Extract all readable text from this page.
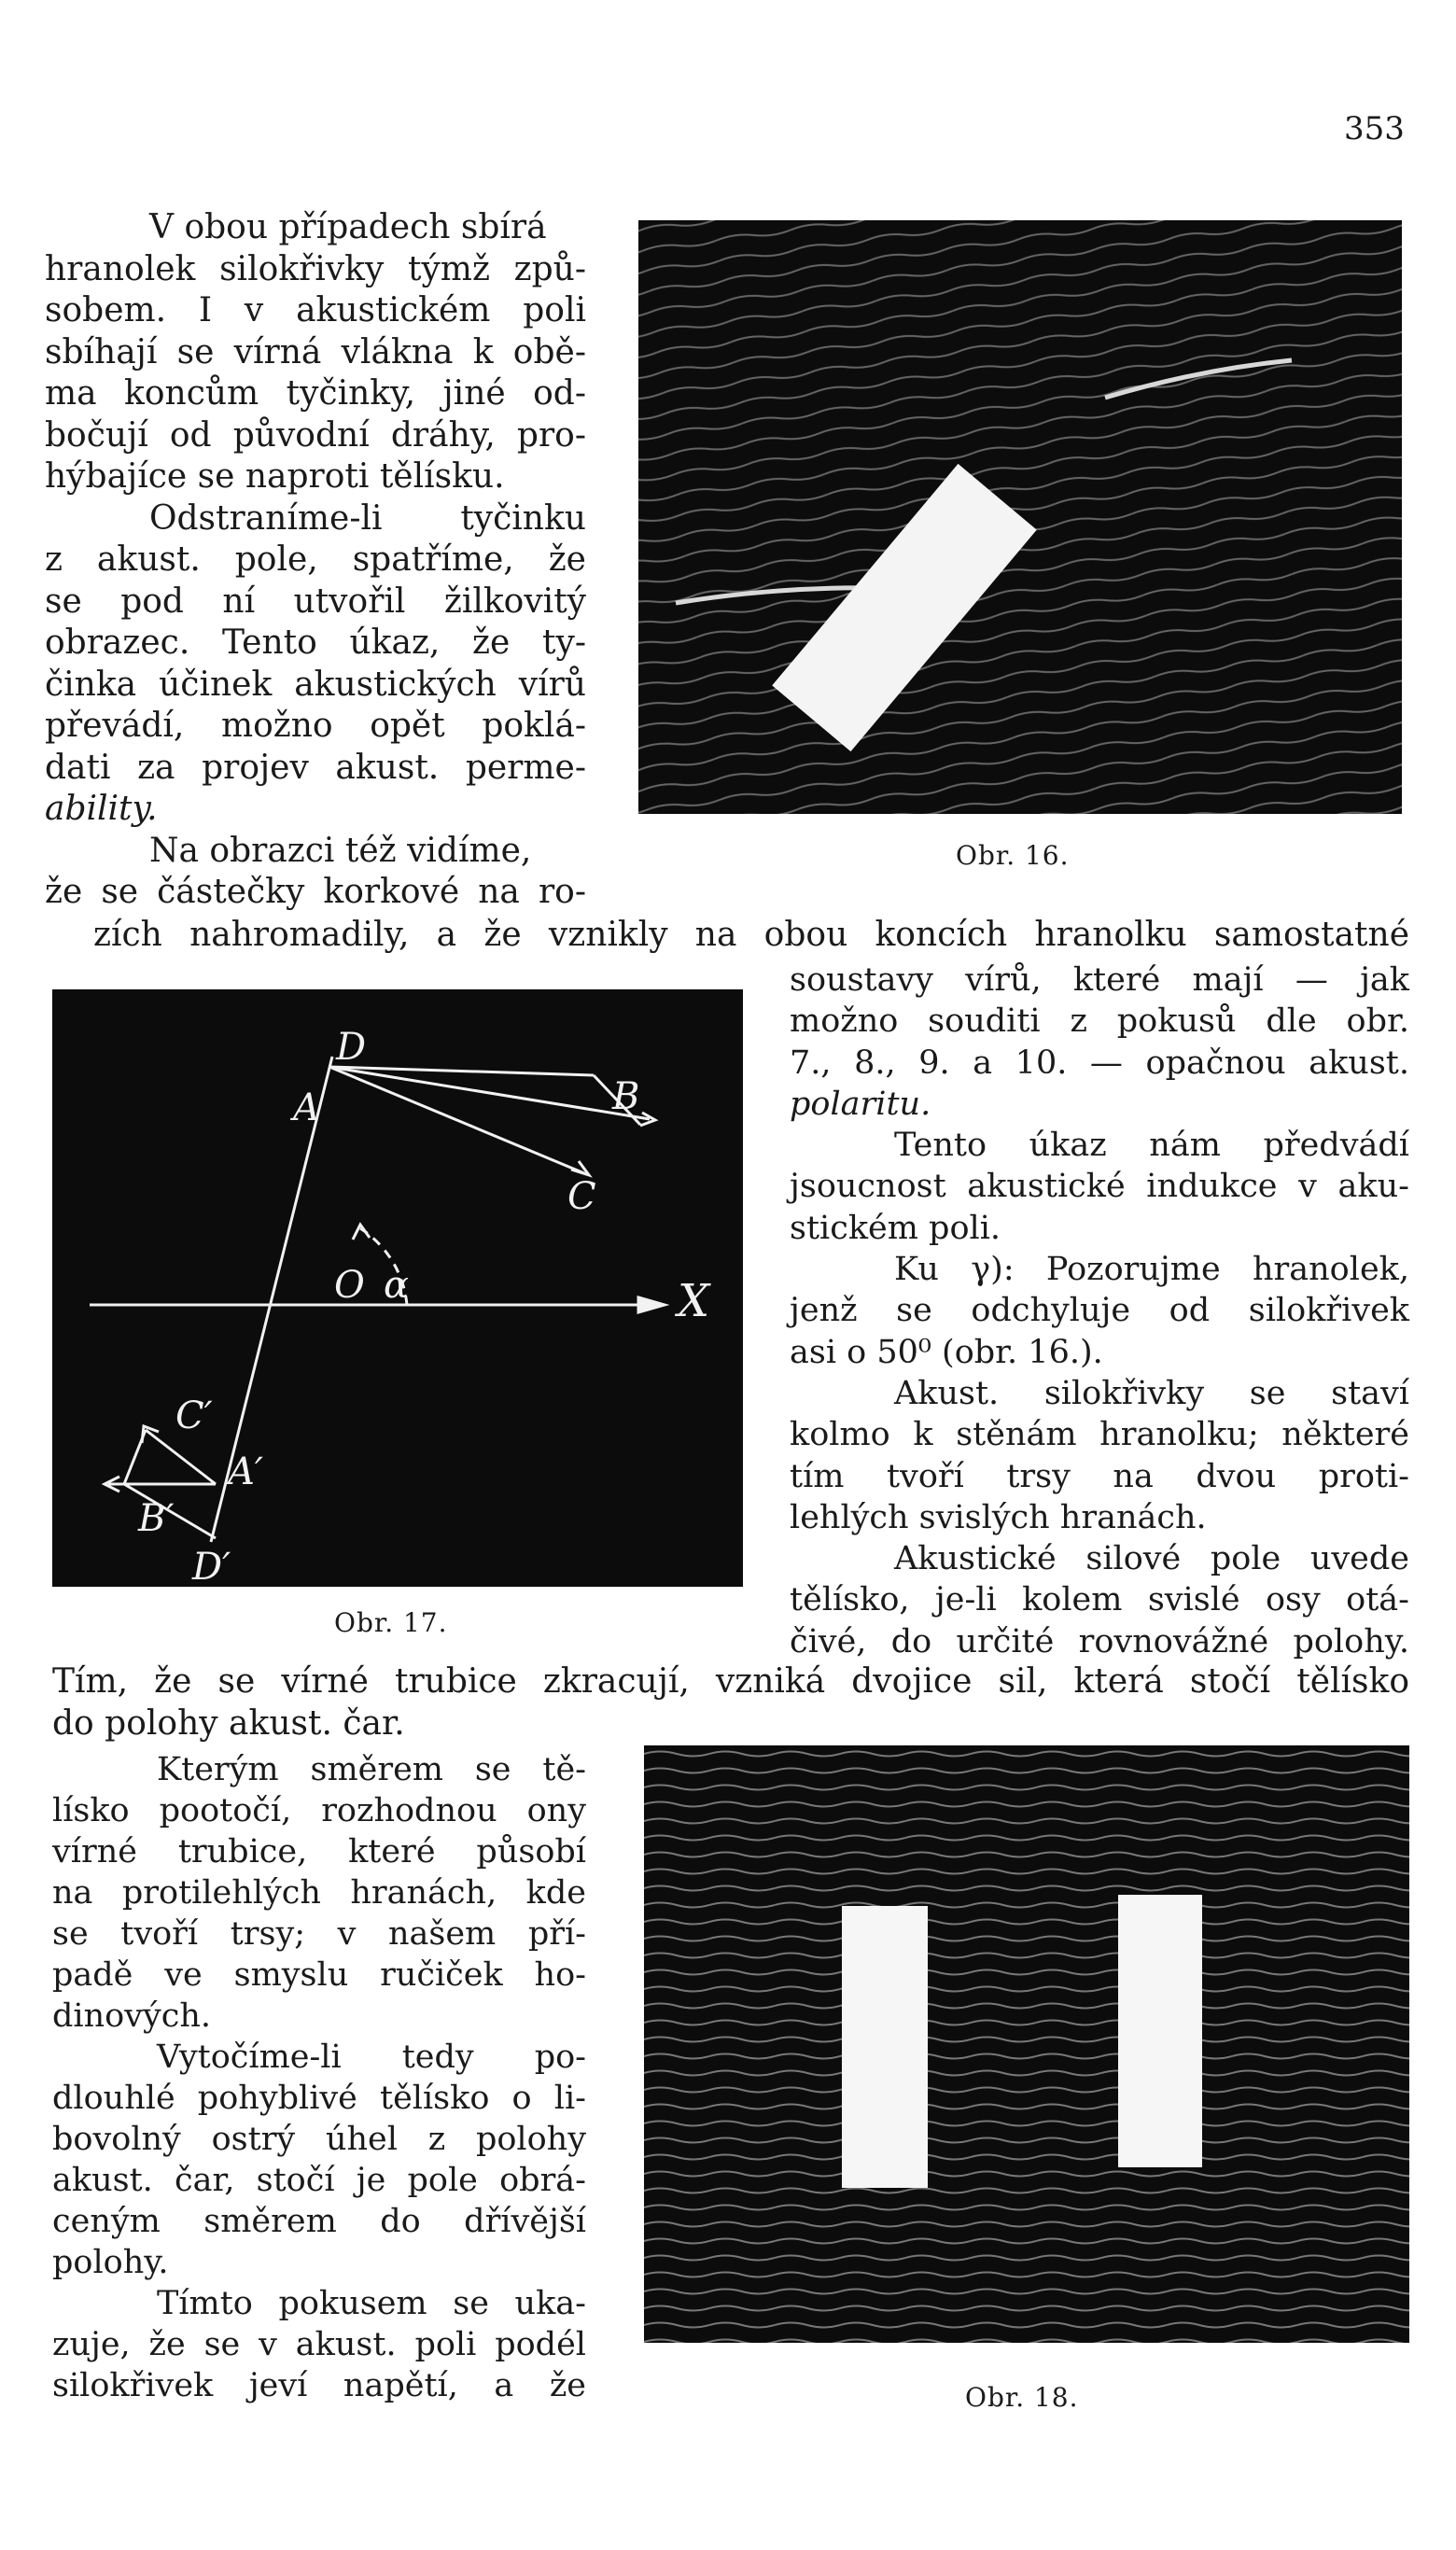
353
V obou případech sbírá
hranolek silokřivky týmž způ-
sobem. I v akustickém poli
sbíhají se vírná vlákna k obě-
ma koncům tyčinky, jiné od-
bočují od původní dráhy, pro-
hýbajíce se naproti tělísku.
Odstraníme-li tyčinku
z akust. pole, spatříme, že
se pod ní utvořil žilkovitý
obrazec. Tento úkaz, že ty-
činka účinek akustických vírů
převádí, možno opět poklá-
dati za projev akust. perme-
ability.
Na obrazci též vidíme,
že se částečky korkové na ro-
Obr. 16.
zích nahromadily, a že vznikly na obou koncích hranolku samostatné
D
A	B
C
O α	X
C′
A′
B′
D′
Obr. 17.
soustavy vírů, které mají — jak
možno souditi z pokusů dle obr.
7., 8., 9. a 10. — opačnou akust.
polaritu.
Tento úkaz nám předvádí
jsoucnost akustické indukce v aku-
stickém poli.
Ku γ): Pozorujme hranolek,
jenž se odchyluje od silokřivek
asi o 50⁰ (obr. 16.).
Akust. silokřivky se staví
kolmo k stěnám hranolku; některé
tím tvoří trsy na dvou proti-
lehlých svislých hranách.
Akustické silové pole uvede
tělísko, je-li kolem svislé osy otá-
čivé, do určité rovnovážné polohy.
Tím, že se vírné trubice zkracují, vzniká dvojice sil, která stočí tělísko
do polohy akust. čar.
Kterým směrem se tě-
lísko pootočí, rozhodnou ony
vírné trubice, které působí
na protilehlých hranách, kde
se tvoří trsy; v našem pří-
padě ve smyslu ručiček ho-
dinových.
Vytočíme-li tedy po-
dlouhlé pohyblivé tělísko o li-
bovolný ostrý úhel z polohy
akust. čar, stočí je pole obrá-
ceným směrem do dřívější
polohy.
Tímto pokusem se uka-
zuje, že se v akust. poli podél
silokřivek jeví napětí, a že	Obr. 18.
